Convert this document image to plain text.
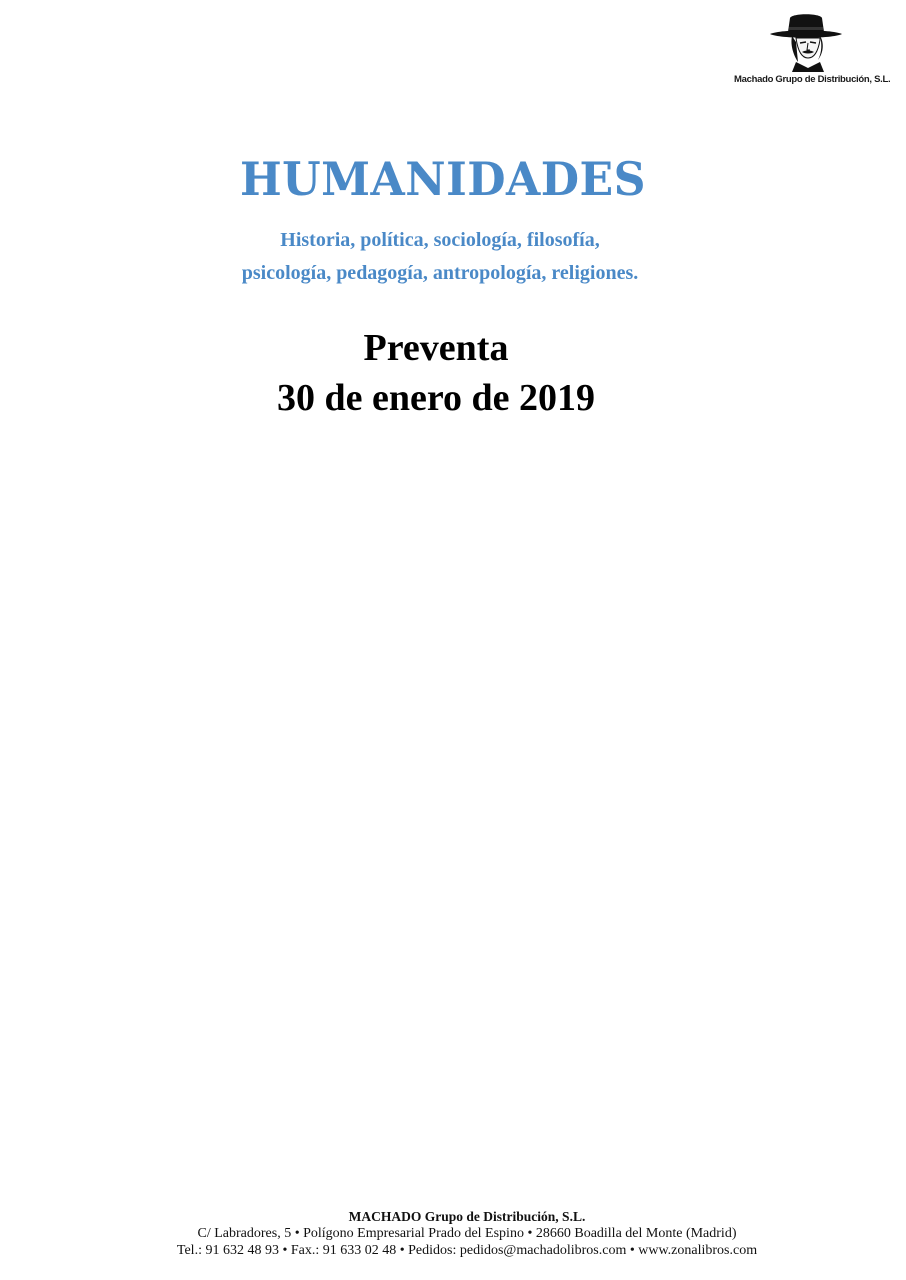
Machado Grupo de Distribución, S.L.
HUMANIDADES
Historia, política, sociología, filosofía,
psicología, pedagogía, antropología, religiones.
Preventa
30 de enero de 2019
MACHADO Grupo de Distribución, S.L.
C/ Labradores, 5 • Polígono Empresarial Prado del Espino • 28660 Boadilla del Monte (Madrid)
Tel.: 91 632 48 93 • Fax.: 91 633 02 48 • Pedidos: pedidos@machadolibros.com • www.zonalibros.com
